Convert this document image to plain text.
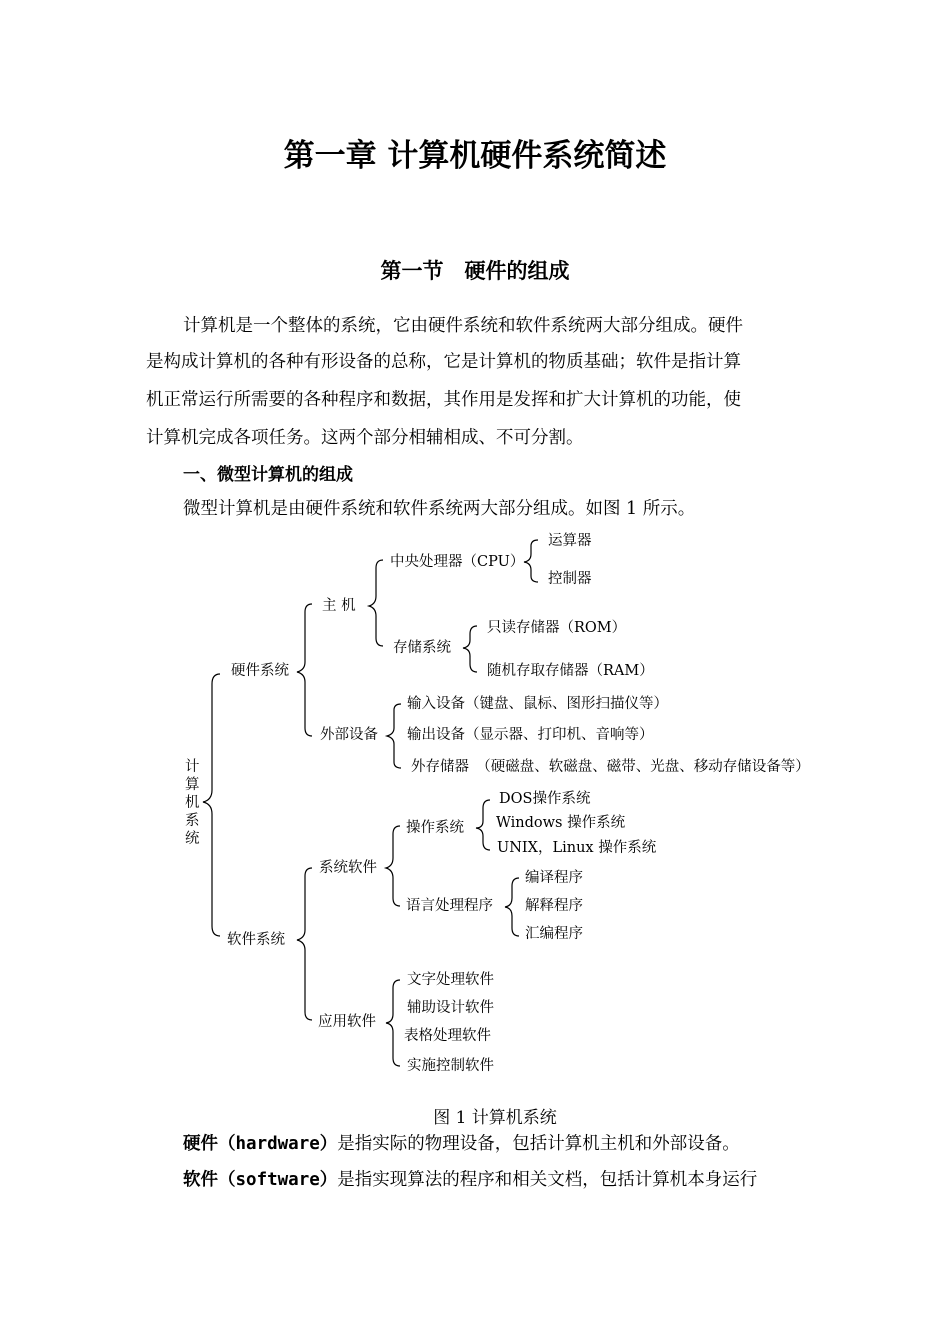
第一章 计算机硬件系统简述
第一节　硬件的组成
计算机是一个整体的系统，它由硬件系统和软件系统两大部分组成。硬件
是构成计算机的各种有形设备的总称，它是计算机的物质基础；软件是指计算
机正常运行所需要的各种程序和数据，其作用是发挥和扩大计算机的功能，使
计算机完成各项任务。这两个部分相辅相成、不可分割。
一、微型计算机的组成
微型计算机是由硬件系统和软件系统两大部分组成。如图 1 所示。
计算机系统
硬件系统
主 机
中央处理器（CPU）
运算器
控制器
存储系统
只读存储器（ROM）
随机存取存储器（RAM）
外部设备
输入设备（键盘、鼠标、图形扫描仪等）
输出设备（显示器、打印机、音响等）
外存储器　（硬磁盘、软磁盘、磁带、光盘、移动存储设备等）
软件系统
系统软件
操作系统
DOS操作系统
Windows 操作系统
UNIX，Linux 操作系统
语言处理程序
编译程序
解释程序
汇编程序
应用软件
文字处理软件
辅助设计软件
表格处理软件
实施控制软件
图 1 计算机系统
硬件（hardware）是指实际的物理设备，包括计算机主机和外部设备。
软件（software）是指实现算法的程序和相关文档，包括计算机本身运行
